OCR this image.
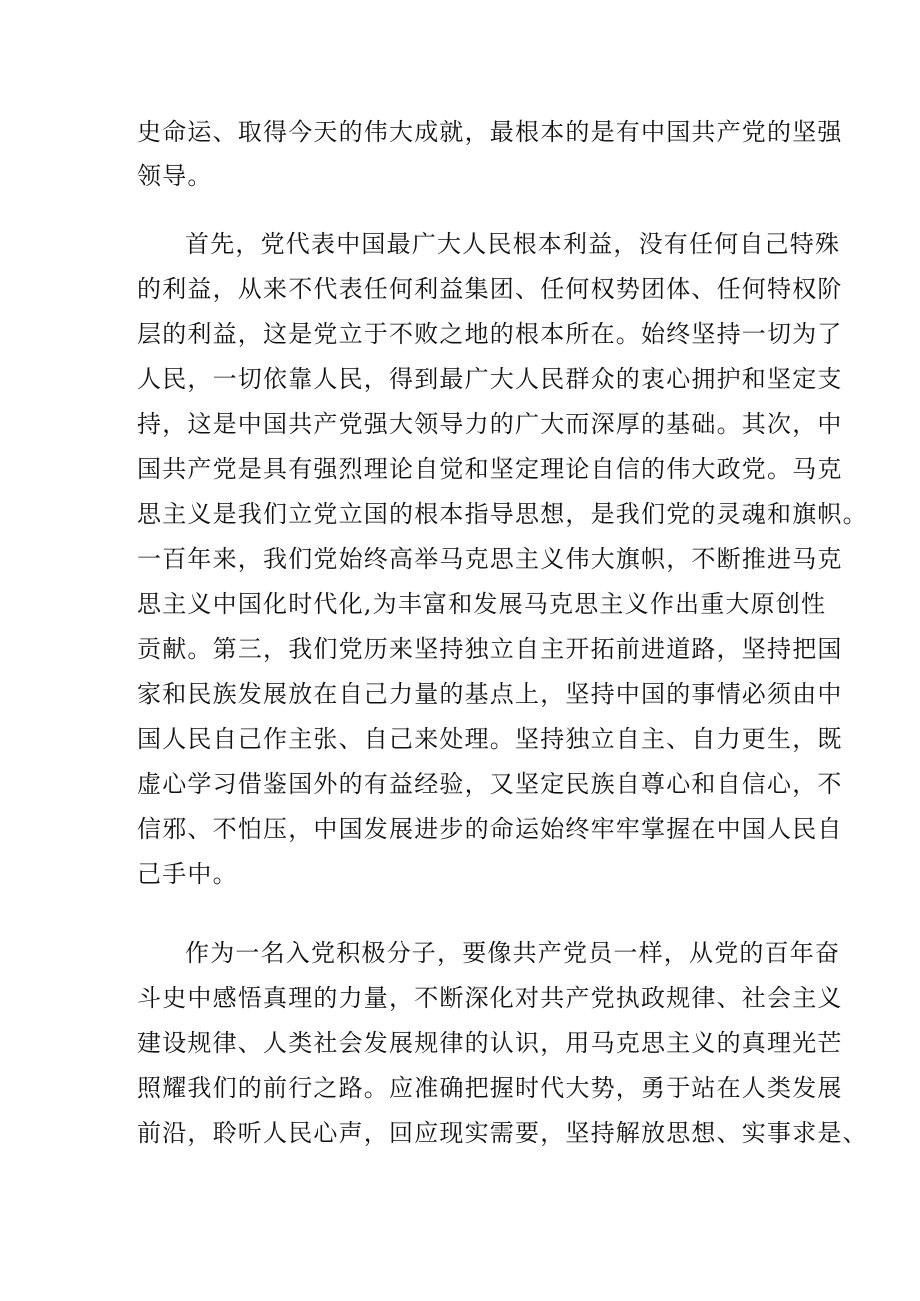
史命运、取得今天的伟大成就，最根本的是有中国共产党的坚强
领导。
首先，党代表中国最广大人民根本利益，没有任何自己特殊
的利益，从来不代表任何利益集团、任何权势团体、任何特权阶
层的利益，这是党立于不败之地的根本所在。始终坚持一切为了
人民，一切依靠人民，得到最广大人民群众的衷心拥护和坚定支
持，这是中国共产党强大领导力的广大而深厚的基础。其次，中
国共产党是具有强烈理论自觉和坚定理论自信的伟大政党。马克
思主义是我们立党立国的根本指导思想，是我们党的灵魂和旗帜。
一百年来，我们党始终高举马克思主义伟大旗帜，不断推进马克
思主义中国化时代化,为丰富和发展马克思主义作出重大原创性
贡献。第三，我们党历来坚持独立自主开拓前进道路，坚持把国
家和民族发展放在自己力量的基点上，坚持中国的事情必须由中
国人民自己作主张、自己来处理。坚持独立自主、自力更生，既
虚心学习借鉴国外的有益经验，又坚定民族自尊心和自信心，不
信邪、不怕压，中国发展进步的命运始终牢牢掌握在中国人民自
己手中。
作为一名入党积极分子，要像共产党员一样，从党的百年奋
斗史中感悟真理的力量，不断深化对共产党执政规律、社会主义
建设规律、人类社会发展规律的认识，用马克思主义的真理光芒
照耀我们的前行之路。应准确把握时代大势，勇于站在人类发展
前沿，聆听人民心声，回应现实需要，坚持解放思想、实事求是、
